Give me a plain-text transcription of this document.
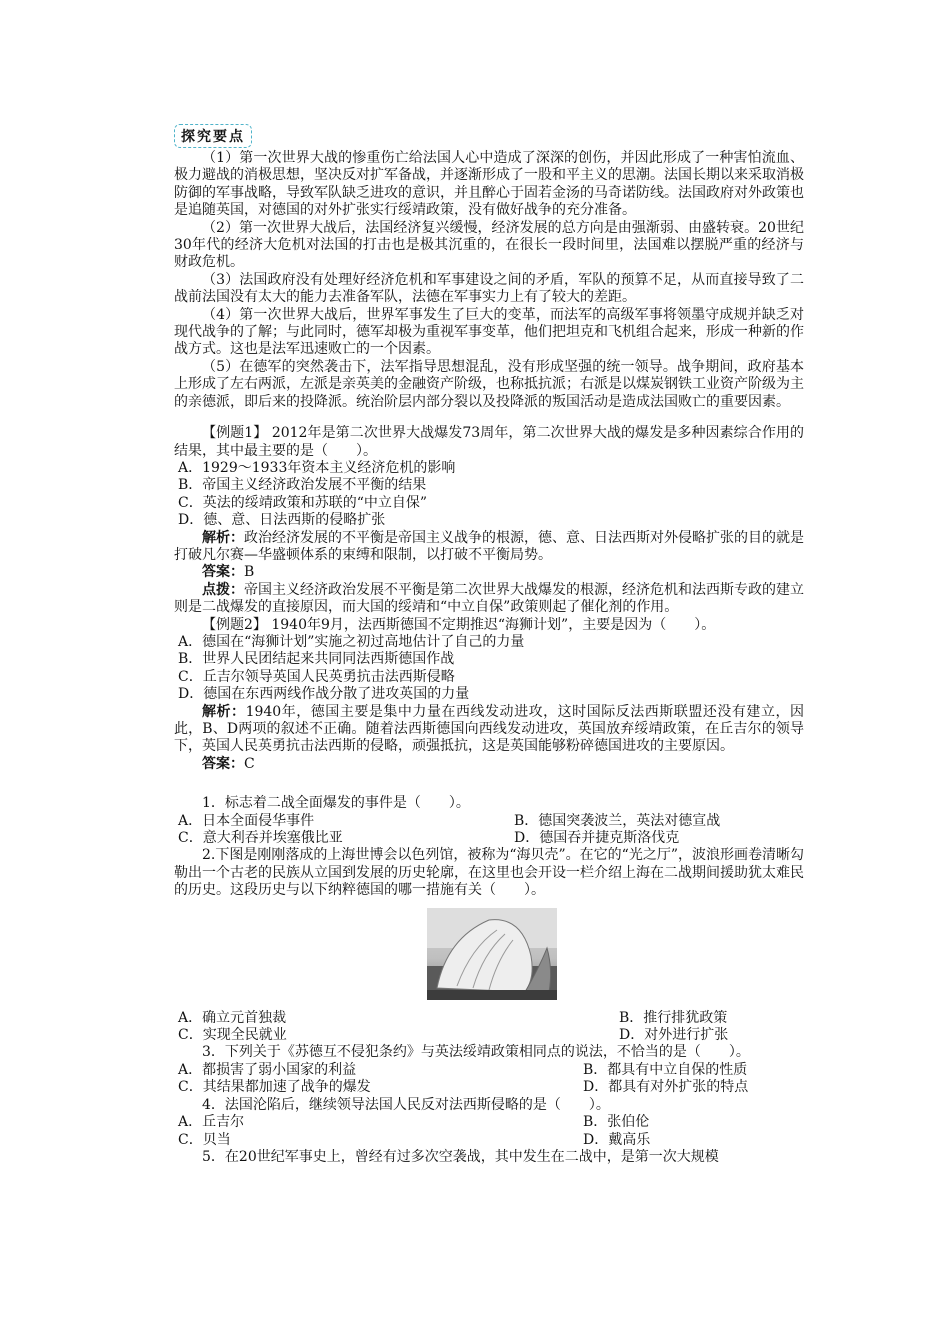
探究要点

（1）第一次世界大战的惨重伤亡给法国人心中造成了深深的创伤，并因此形成了一种害怕流血、极力避战的消极思想，坚决反对扩军备战，并逐渐形成了一股和平主义的思潮。法国长期以来采取消极防御的军事战略，导致军队缺乏进攻的意识，并且醉心于固若金汤的马奇诺防线。法国政府对外政策也是追随英国，对德国的对外扩张实行绥靖政策，没有做好战争的充分准备。

（2）第一次世界大战后，法国经济复兴缓慢，经济发展的总方向是由强渐弱、由盛转衰。20世纪30年代的经济大危机对法国的打击也是极其沉重的，在很长一段时间里，法国难以摆脱严重的经济与财政危机。

（3）法国政府没有处理好经济危机和军事建设之间的矛盾，军队的预算不足，从而直接导致了二战前法国没有太大的能力去准备军队，法德在军事实力上有了较大的差距。

（4）第一次世界大战后，世界军事发生了巨大的变革，而法军的高级军事将领墨守成规并缺乏对现代战争的了解；与此同时，德军却极为重视军事变革，他们把坦克和飞机组合起来，形成一种新的作战方式。这也是法军迅速败亡的一个因素。

（5）在德军的突然袭击下，法军指导思想混乱，没有形成坚强的统一领导。战争期间，政府基本上形成了左右两派，左派是亲英美的金融资产阶级，也称抵抗派；右派是以煤炭钢铁工业资产阶级为主的亲德派，即后来的投降派。统治阶层内部分裂以及投降派的叛国活动是造成法国败亡的重要因素。

【例题1】 2012年是第二次世界大战爆发73周年，第二次世界大战的爆发是多种因素综合作用的结果，其中最主要的是（　　）。

A．1929～1933年资本主义经济危机的影响

B．帝国主义经济政治发展不平衡的结果

C．英法的绥靖政策和苏联的“中立自保”

D．德、意、日法西斯的侵略扩张

解析：政治经济发展的不平衡是帝国主义战争的根源，德、意、日法西斯对外侵略扩张的目的就是打破凡尔赛—华盛顿体系的束缚和限制，以打破不平衡局势。

答案：B

点拨：帝国主义经济政治发展不平衡是第二次世界大战爆发的根源，经济危机和法西斯专政的建立则是二战爆发的直接原因，而大国的绥靖和“中立自保”政策则起了催化剂的作用。

【例题2】 1940年9月，法西斯德国不定期推迟“海狮计划”，主要是因为（　　）。

A．德国在“海狮计划”实施之初过高地估计了自己的力量

B．世界人民团结起来共同同法西斯德国作战

C．丘吉尔领导英国人民英勇抗击法西斯侵略

D．德国在东西两线作战分散了进攻英国的力量

解析：1940年，德国主要是集中力量在西线发动进攻，这时国际反法西斯联盟还没有建立，因此，B、D两项的叙述不正确。随着法西斯德国向西线发动进攻，英国放弃绥靖政策，在丘吉尔的领导下，英国人民英勇抗击法西斯的侵略，顽强抵抗，这是英国能够粉碎德国进攻的主要原因。

答案：C

1．标志着二战全面爆发的事件是（　　）。

A．日本全面侵华事件	B．德国突袭波兰，英法对德宣战
C．意大利吞并埃塞俄比亚	D．德国吞并捷克斯洛伐克

2.下图是刚刚落成的上海世博会以色列馆，被称为“海贝壳”。在它的“光之厅”，波浪形画卷清晰勾勒出一个古老的民族从立国到发展的历史轮廓，在这里也会开设一栏介绍上海在二战期间援助犹太难民的历史。这段历史与以下纳粹德国的哪一措施有关（　　）。

A．确立元首独裁	B．推行排犹政策
C．实现全民就业	D．对外进行扩张

3．下列关于《苏德互不侵犯条约》与英法绥靖政策相同点的说法，不恰当的是（　　）。

A．都损害了弱小国家的利益	B．都具有中立自保的性质
C．其结果都加速了战争的爆发	D．都具有对外扩张的特点

4．法国沦陷后，继续领导法国人民反对法西斯侵略的是（　　）。

A．丘吉尔	B．张伯伦
C．贝当	D．戴高乐

5．在20世纪军事史上，曾经有过多次空袭战，其中发生在二战中，是第一次大规模
